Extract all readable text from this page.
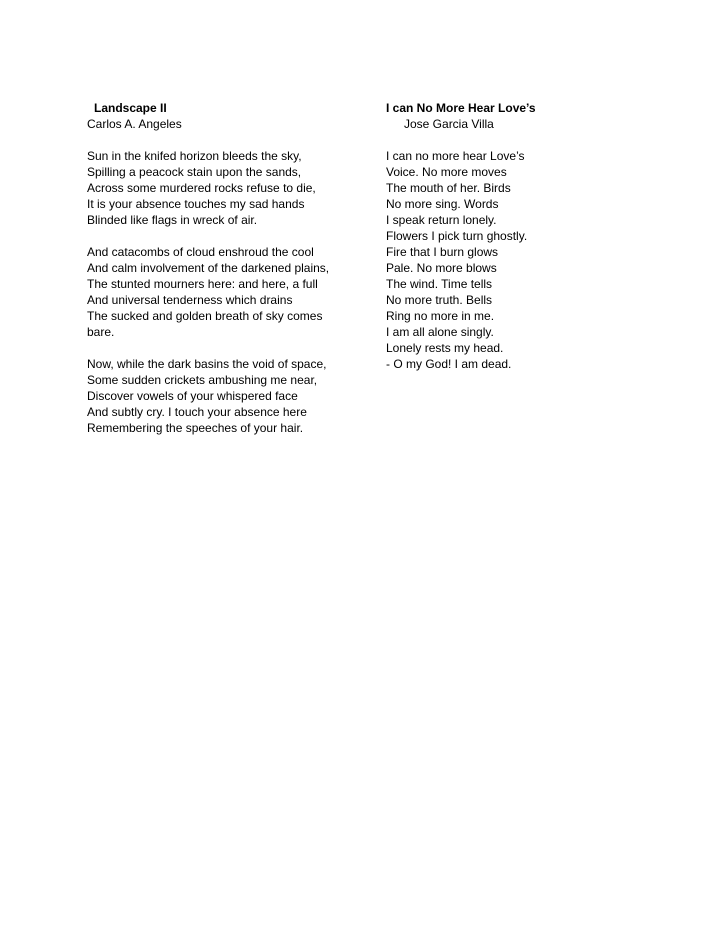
Landscape II
Carlos A. Angeles
Sun in the knifed horizon bleeds the sky,
Spilling a peacock stain upon the sands,
Across some murdered rocks refuse to die,
It is your absence touches my sad hands
Blinded like flags in wreck of air.
And catacombs of cloud enshroud the cool
And calm involvement of the darkened plains,
The stunted mourners here: and here, a full
And universal tenderness which drains
The sucked and golden breath of sky comes
bare.
Now, while the dark basins the void of space,
Some sudden crickets ambushing me near,
Discover vowels of your whispered face
And subtly cry. I touch your absence here
Remembering the speeches of your hair.
I can No More Hear Love’s
Jose Garcia Villa
I can no more hear Love’s
Voice. No more moves
The mouth of her. Birds
No more sing. Words
I speak return lonely.
Flowers I pick turn ghostly.
Fire that I burn glows
Pale. No more blows
The wind. Time tells
No more truth. Bells
Ring no more in me.
I am all alone singly.
Lonely rests my head.
- O my God! I am dead.
